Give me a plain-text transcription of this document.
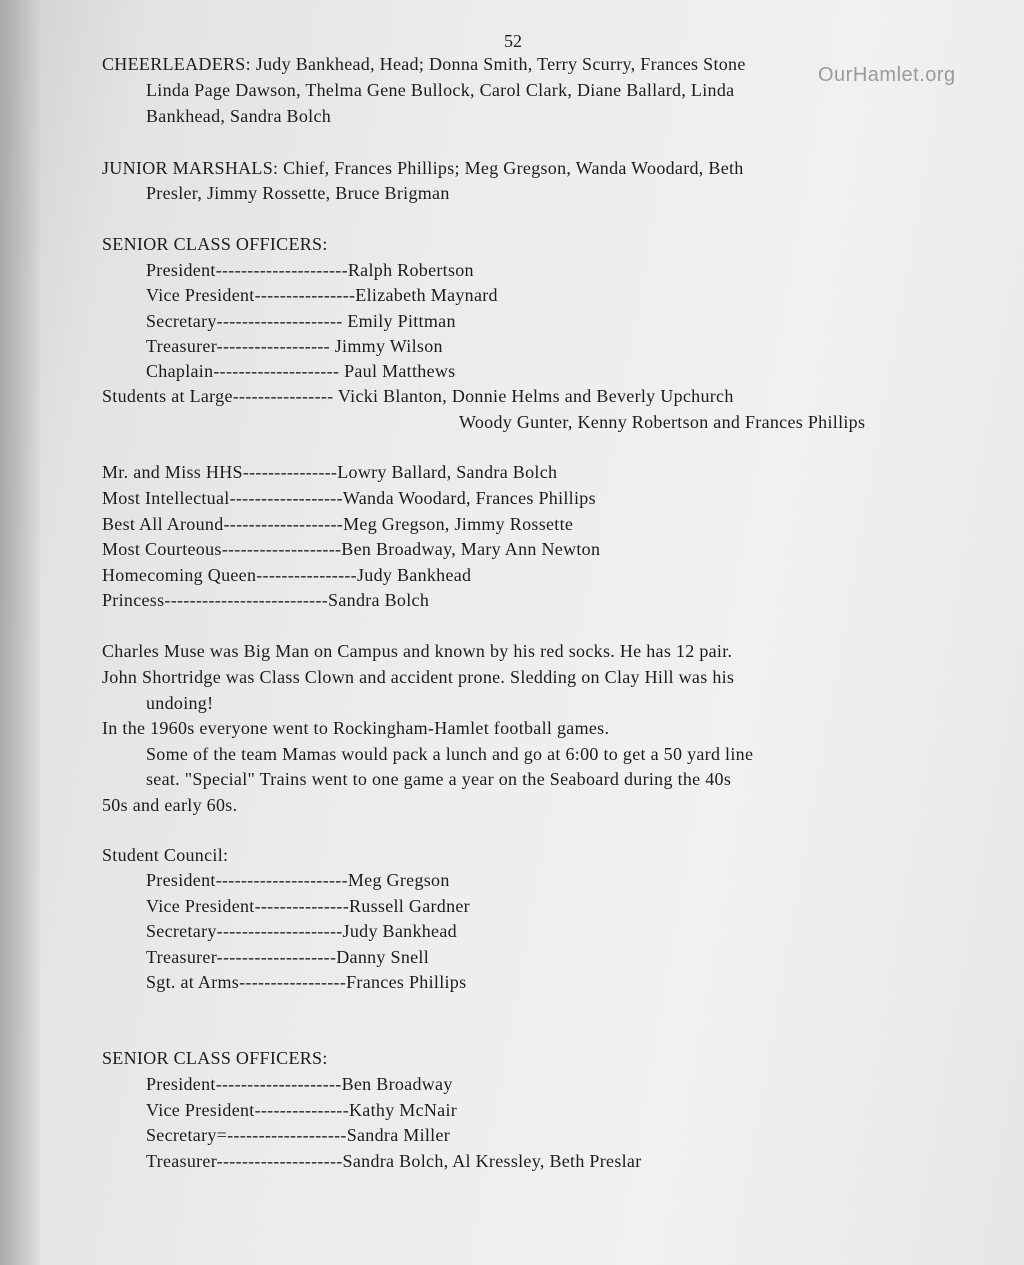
OurHamlet.org
52
CHEERLEADERS: Judy Bankhead, Head; Donna Smith, Terry Scurry, Frances Stone
Linda Page Dawson, Thelma Gene Bullock, Carol Clark, Diane Ballard, Linda
Bankhead, Sandra Bolch
JUNIOR MARSHALS: Chief, Frances Phillips; Meg Gregson, Wanda Woodard, Beth
Presler, Jimmy Rossette, Bruce Brigman
SENIOR CLASS OFFICERS:
President---------------------Ralph Robertson
Vice President----------------Elizabeth Maynard
Secretary-------------------- Emily Pittman
Treasurer------------------ Jimmy Wilson
Chaplain-------------------- Paul Matthews
Students at Large---------------- Vicki Blanton, Donnie Helms and Beverly Upchurch
Woody Gunter, Kenny Robertson and Frances Phillips
Mr. and Miss HHS---------------Lowry Ballard, Sandra Bolch
Most Intellectual------------------Wanda Woodard, Frances Phillips
Best All Around-------------------Meg Gregson, Jimmy Rossette
Most Courteous-------------------Ben Broadway, Mary Ann Newton
Homecoming Queen----------------Judy Bankhead
Princess--------------------------Sandra Bolch
Charles Muse was Big Man on Campus and known by his red socks. He has 12 pair.
John Shortridge was Class Clown and accident prone. Sledding on Clay Hill was his
undoing!
In the 1960s everyone went to Rockingham-Hamlet football games.
Some of the team Mamas would pack a lunch and go at 6:00 to get a 50 yard line
seat. "Special" Trains went to one game a year on the Seaboard during the 40s
50s and early 60s.
Student Council:
President---------------------Meg Gregson
Vice President---------------Russell Gardner
Secretary--------------------Judy Bankhead
Treasurer-------------------Danny Snell
Sgt. at Arms-----------------Frances Phillips
SENIOR CLASS OFFICERS:
President--------------------Ben Broadway
Vice President---------------Kathy McNair
Secretary=-------------------Sandra Miller
Treasurer--------------------Sandra Bolch, Al Kressley, Beth Preslar
